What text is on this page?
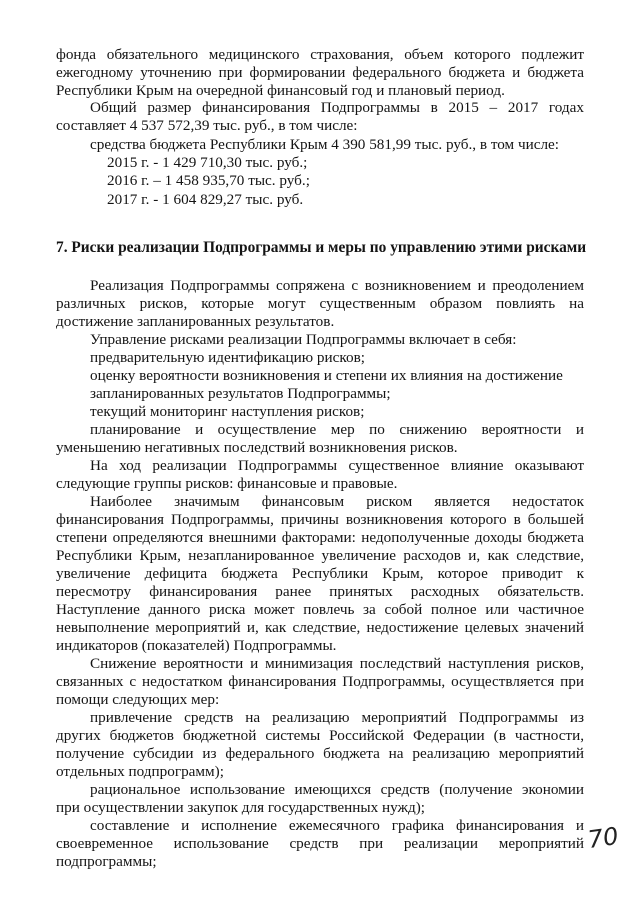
фонда обязательного медицинского страхования, объем которого подлежит
ежегодному уточнению при формировании федерального бюджета и бюджета
Республики Крым на очередной финансовый год и плановый период.
Общий размер финансирования Подпрограммы в 2015 – 2017 годах
составляет 4 537 572,39 тыс. руб., в том числе:
средства бюджета Республики Крым 4 390 581,99 тыс. руб., в том числе:
2015 г. - 1 429 710,30 тыс. руб.;
2016 г. – 1 458 935,70 тыс. руб.;
2017 г. - 1 604 829,27 тыс. руб.
7. Риски реализации Подпрограммы и меры по управлению этими рисками
Реализация Подпрограммы сопряжена с возникновением и преодолением
различных рисков, которые могут существенным образом повлиять на
достижение запланированных результатов.
Управление рисками реализации Подпрограммы включает в себя:
предварительную идентификацию рисков;
оценку вероятности возникновения и степени их влияния на достижение
запланированных результатов Подпрограммы;
текущий мониторинг наступления рисков;
планирование и осуществление мер по снижению вероятности и
уменьшению негативных последствий возникновения рисков.
На ход реализации Подпрограммы существенное влияние оказывают
следующие группы рисков: финансовые и правовые.
Наиболее значимым финансовым риском является недостаток
финансирования Подпрограммы, причины возникновения которого в большей
степени определяются внешними факторами: недополученные доходы бюджета
Республики Крым, незапланированное увеличение расходов и, как следствие,
увеличение дефицита бюджета Республики Крым, которое приводит к
пересмотру финансирования ранее принятых расходных обязательств.
Наступление данного риска может повлечь за собой полное или частичное
невыполнение мероприятий и, как следствие, недостижение целевых значений
индикаторов (показателей) Подпрограммы.
Снижение вероятности и минимизация последствий наступления рисков,
связанных с недостатком финансирования Подпрограммы, осуществляется при
помощи следующих мер:
привлечение средств на реализацию мероприятий Подпрограммы из
других бюджетов бюджетной системы Российской Федерации (в частности,
получение субсидии из федерального бюджета на реализацию мероприятий
отдельных подпрограмм);
рациональное использование имеющихся средств (получение экономии
при осуществлении закупок для государственных нужд);
составление и исполнение ежемесячного графика финансирования и
своевременное использование средств при реализации мероприятий
подпрограммы;
70
